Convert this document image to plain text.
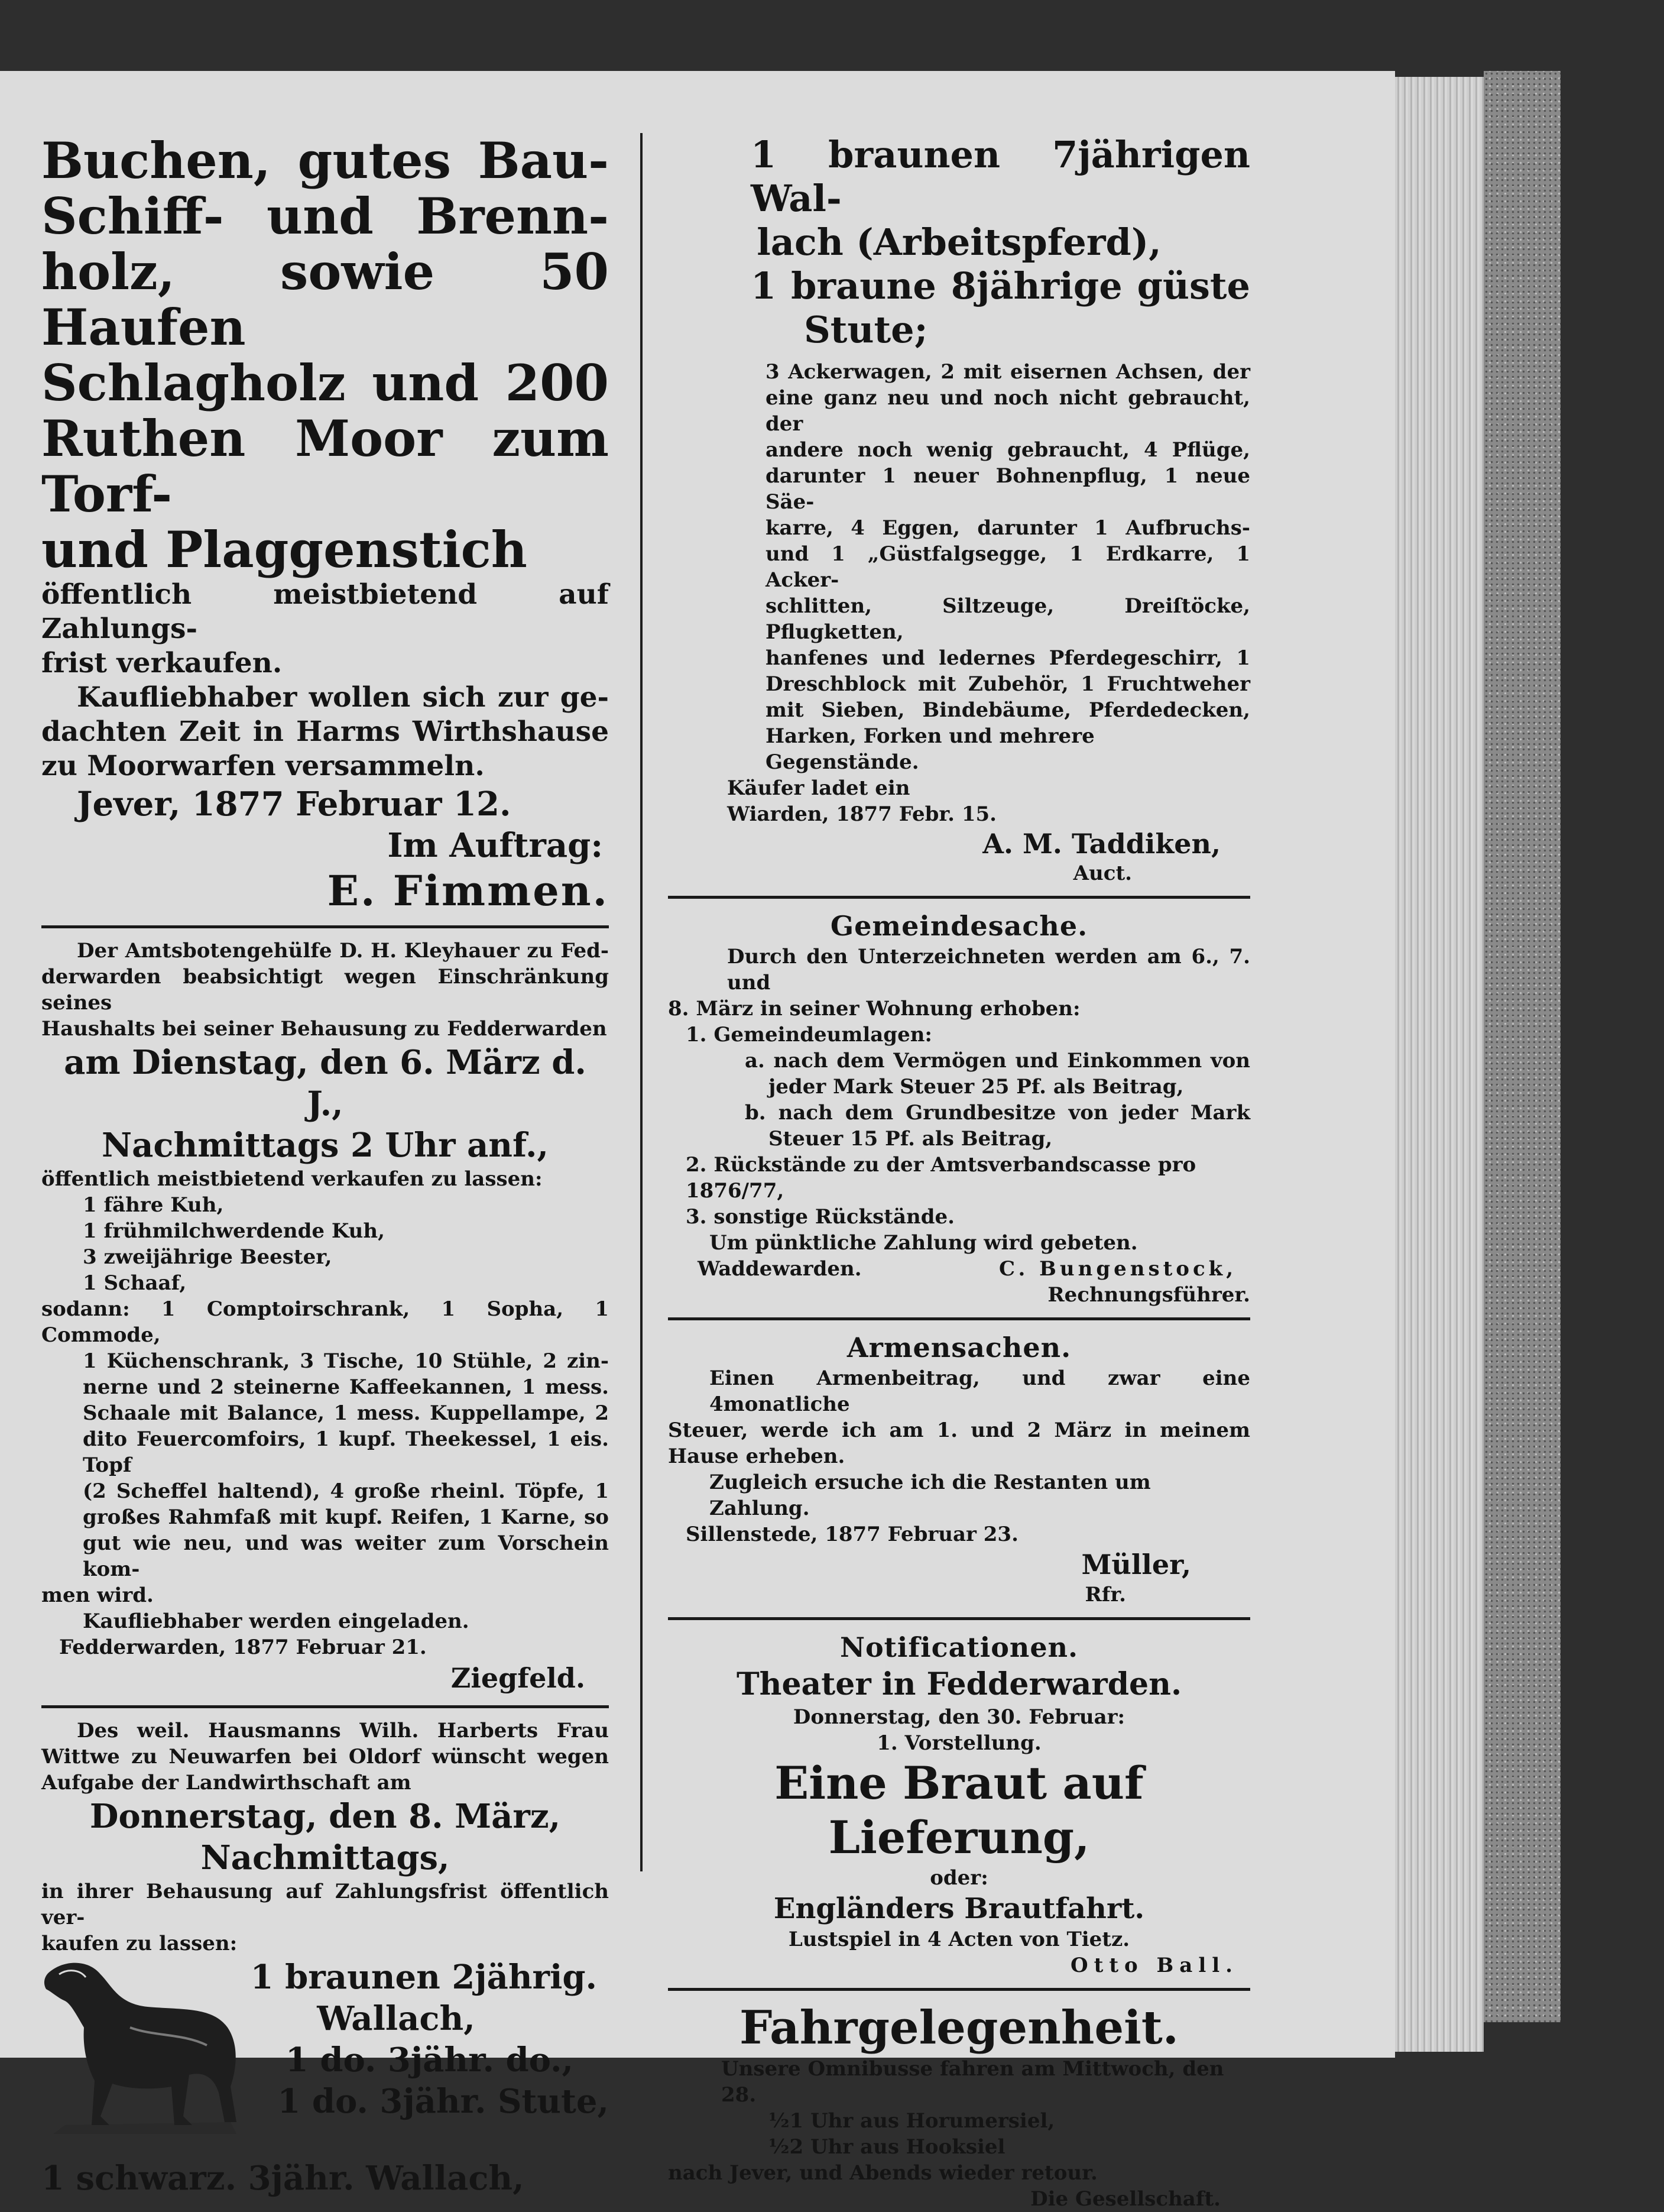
Buchen, gutes Bau-
Schiff- und Brenn-
holz, sowie 50 Haufen
Schlagholz und 200
Ruthen Moor zum Torf-
und Plaggenstich
öffentlich meistbietend auf Zahlungs-
frist verkaufen.
Kaufliebhaber wollen sich zur ge-
dachten Zeit in Harms Wirthshause
zu Moorwarfen versammeln.
Jever, 1877 Februar 12.
Im Auftrag:
E. Fimmen.
Der Amtsbotengehülfe D. H. Kleyhauer zu Fed-
derwarden beabsichtigt wegen Einschränkung seines
Haushalts bei seiner Behausung zu Fedderwarden
am Dienstag, den 6. März d. J.,
Nachmittags 2 Uhr anf.,
öffentlich meistbietend verkaufen zu lassen:
1 fähre Kuh,
1 frühmilchwerdende Kuh,
3 zweijährige Beester,
1 Schaaf,
sodann: 1 Comptoirschrank, 1 Sopha, 1 Commode,
1 Küchenschrank, 3 Tische, 10 Stühle, 2 zin-
nerne und 2 steinerne Kaffeekannen, 1 mess.
Schaale mit Balance, 1 mess. Kuppellampe, 2
dito Feuercomfoirs, 1 kupf. Theekessel, 1 eis. Topf
(2 Scheffel haltend), 4 große rheinl. Töpfe, 1
großes Rahmfaß mit kupf. Reifen, 1 Karne, so
gut wie neu, und was weiter zum Vorschein kom-
men wird.
Kaufliebhaber werden eingeladen.
Fedderwarden, 1877 Februar 21.
Ziegfeld.
Des weil. Hausmanns Wilh. Harberts Frau
Wittwe zu Neuwarfen bei Oldorf wünscht wegen
Aufgabe der Landwirthschaft am
Donnerstag, den 8. März,
Nachmittags,
in ihrer Behausung auf Zahlungsfrist öffentlich ver-
kaufen zu lassen:
1 braunen 2jährig.
Wallach,
1 do. 3jähr. do.,
1 do. 3jähr. Stute,
1 schwarz. 3jähr. Wallach,
1 braunen 7jährigen Wal-
lach (Arbeitspferd),
1 braune 8jährige güste
Stute;
3 Ackerwagen, 2 mit eisernen Achsen, der
eine ganz neu und noch nicht gebraucht, der
andere noch wenig gebraucht, 4 Pflüge,
darunter 1 neuer Bohnenpflug, 1 neue Säe-
karre, 4 Eggen, darunter 1 Aufbruchs-
und 1 „Güstfalgsegge, 1 Erdkarre, 1 Acker-
schlitten, Siltzeuge, Dreiſtöcke, Pflugketten,
hanfenes und ledernes Pferdegeschirr, 1
Dreschblock mit Zubehör, 1 Fruchtweher
mit Sieben, Bindebäume, Pferdedecken,
Harken, Forken und mehrere Gegenstände.
Käufer ladet ein
Wiarden, 1877 Febr. 15.
A. M. Taddiken,
Auct.
Gemeindesache.
Durch den Unterzeichneten werden am 6., 7. und
8. März in seiner Wohnung erhoben:
1. Gemeindeumlagen:
a. nach dem Vermögen und Einkommen von
jeder Mark Steuer 25 Pf. als Beitrag,
b. nach dem Grundbesitze von jeder Mark
Steuer 15 Pf. als Beitrag,
2. Rückstände zu der Amtsverbandscasse pro 1876/77,
3. sonstige Rückstände.
Um pünktliche Zahlung wird gebeten.
Waddewarden.	C. Bungenstock,
Rechnungsführer.
Armensachen.
Einen Armenbeitrag, und zwar eine 4monatliche
Steuer, werde ich am 1. und 2 März in meinem
Hause erheben.
Zugleich ersuche ich die Restanten um Zahlung.
Sillenstede, 1877 Februar 23.
Müller,
Rfr.
Notificationen.
Theater in Fedderwarden.
Donnerstag, den 30. Februar:
1. Vorstellung.
Eine Braut auf Lieferung,
oder:
Engländers Brautfahrt.
Lustspiel in 4 Acten von Tietz.
Otto Ball.
Fahrgelegenheit.
Unsere Omnibusse fahren am Mittwoch, den 28.
½1 Uhr aus Horumersiel,
½2 Uhr aus Hooksiel
nach Jever, und Abends wieder retour.
Die Gesellschaft.
